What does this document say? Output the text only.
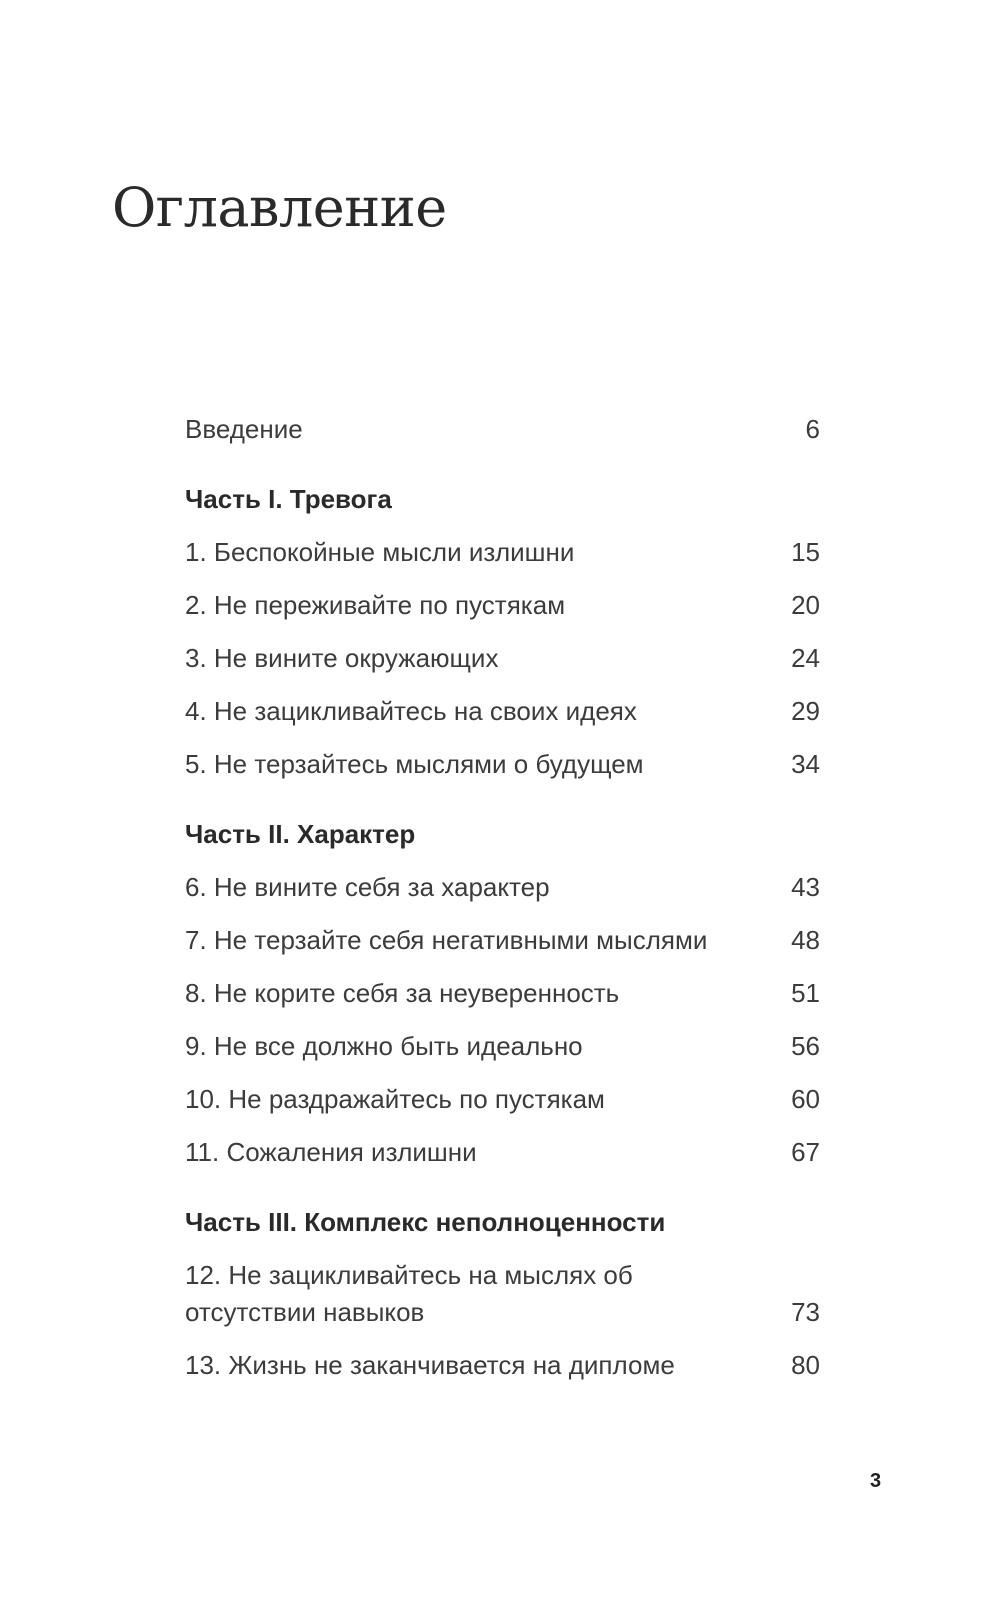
Оглавление
Введение	6
Часть I. Тревога
1. Беспокойные мысли излишни	15
2. Не переживайте по пустякам	20
3. Не вините окружающих	24
4. Не зацикливайтесь на своих идеях	29
5. Не терзайтесь мыслями о будущем	34
Часть II. Характер
6. Не вините себя за характер	43
7. Не терзайте себя негативными мыслями	48
8. Не корите себя за неуверенность	51
9. Не все должно быть идеально	56
10. Не раздражайтесь по пустякам	60
11. Сожаления излишни	67
Часть III. Комплекс неполноценности
12. Не зацикливайтесь на мыслях об отсутствии навыков	73
13. Жизнь не заканчивается на дипломе	80
3
